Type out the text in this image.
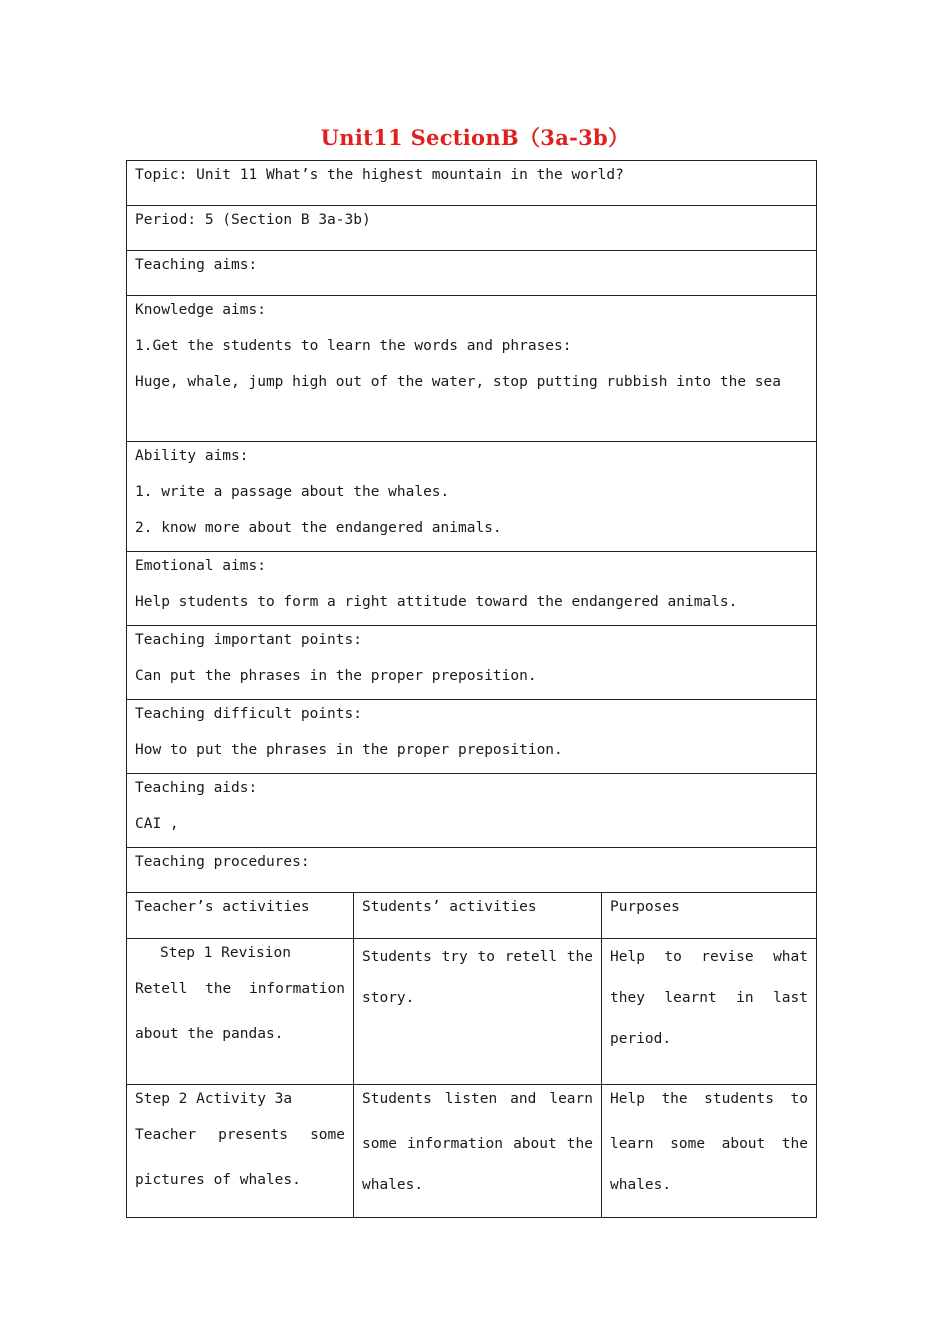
Unit11 SectionB（3a-3b）
Topic: Unit 11 What’s the highest mountain in the world?		

Period: 5 (Section B 3a-3b)		

Teaching aims:		

Knowledge aims:
1.Get the students to learn the words and phrases:
Huge, whale, jump high out of the water, stop putting rubbish into the sea		

Ability aims:
1. write a passage about the whales.
2. know more about the endangered animals.		

Emotional aims:
Help students to form a right attitude toward the endangered animals.		

Teaching important points:
Can put the phrases in the proper preposition.		

Teaching difficult points:
How to put the phrases in the proper preposition.		

Teaching aids:
CAI ,		

Teaching procedures:		

Teacher’s activities	Students’ activities	Purposes

Step 1 Revision
Retell the information
about the pandas.	Students try to retell the
story.	Help to revise what
they learnt in last
period.

Step 2 Activity 3a
Teacher presents some
pictures of whales.	Students listen and learn
some information about the
whales.	Help the students to
learn some about the
whales.
